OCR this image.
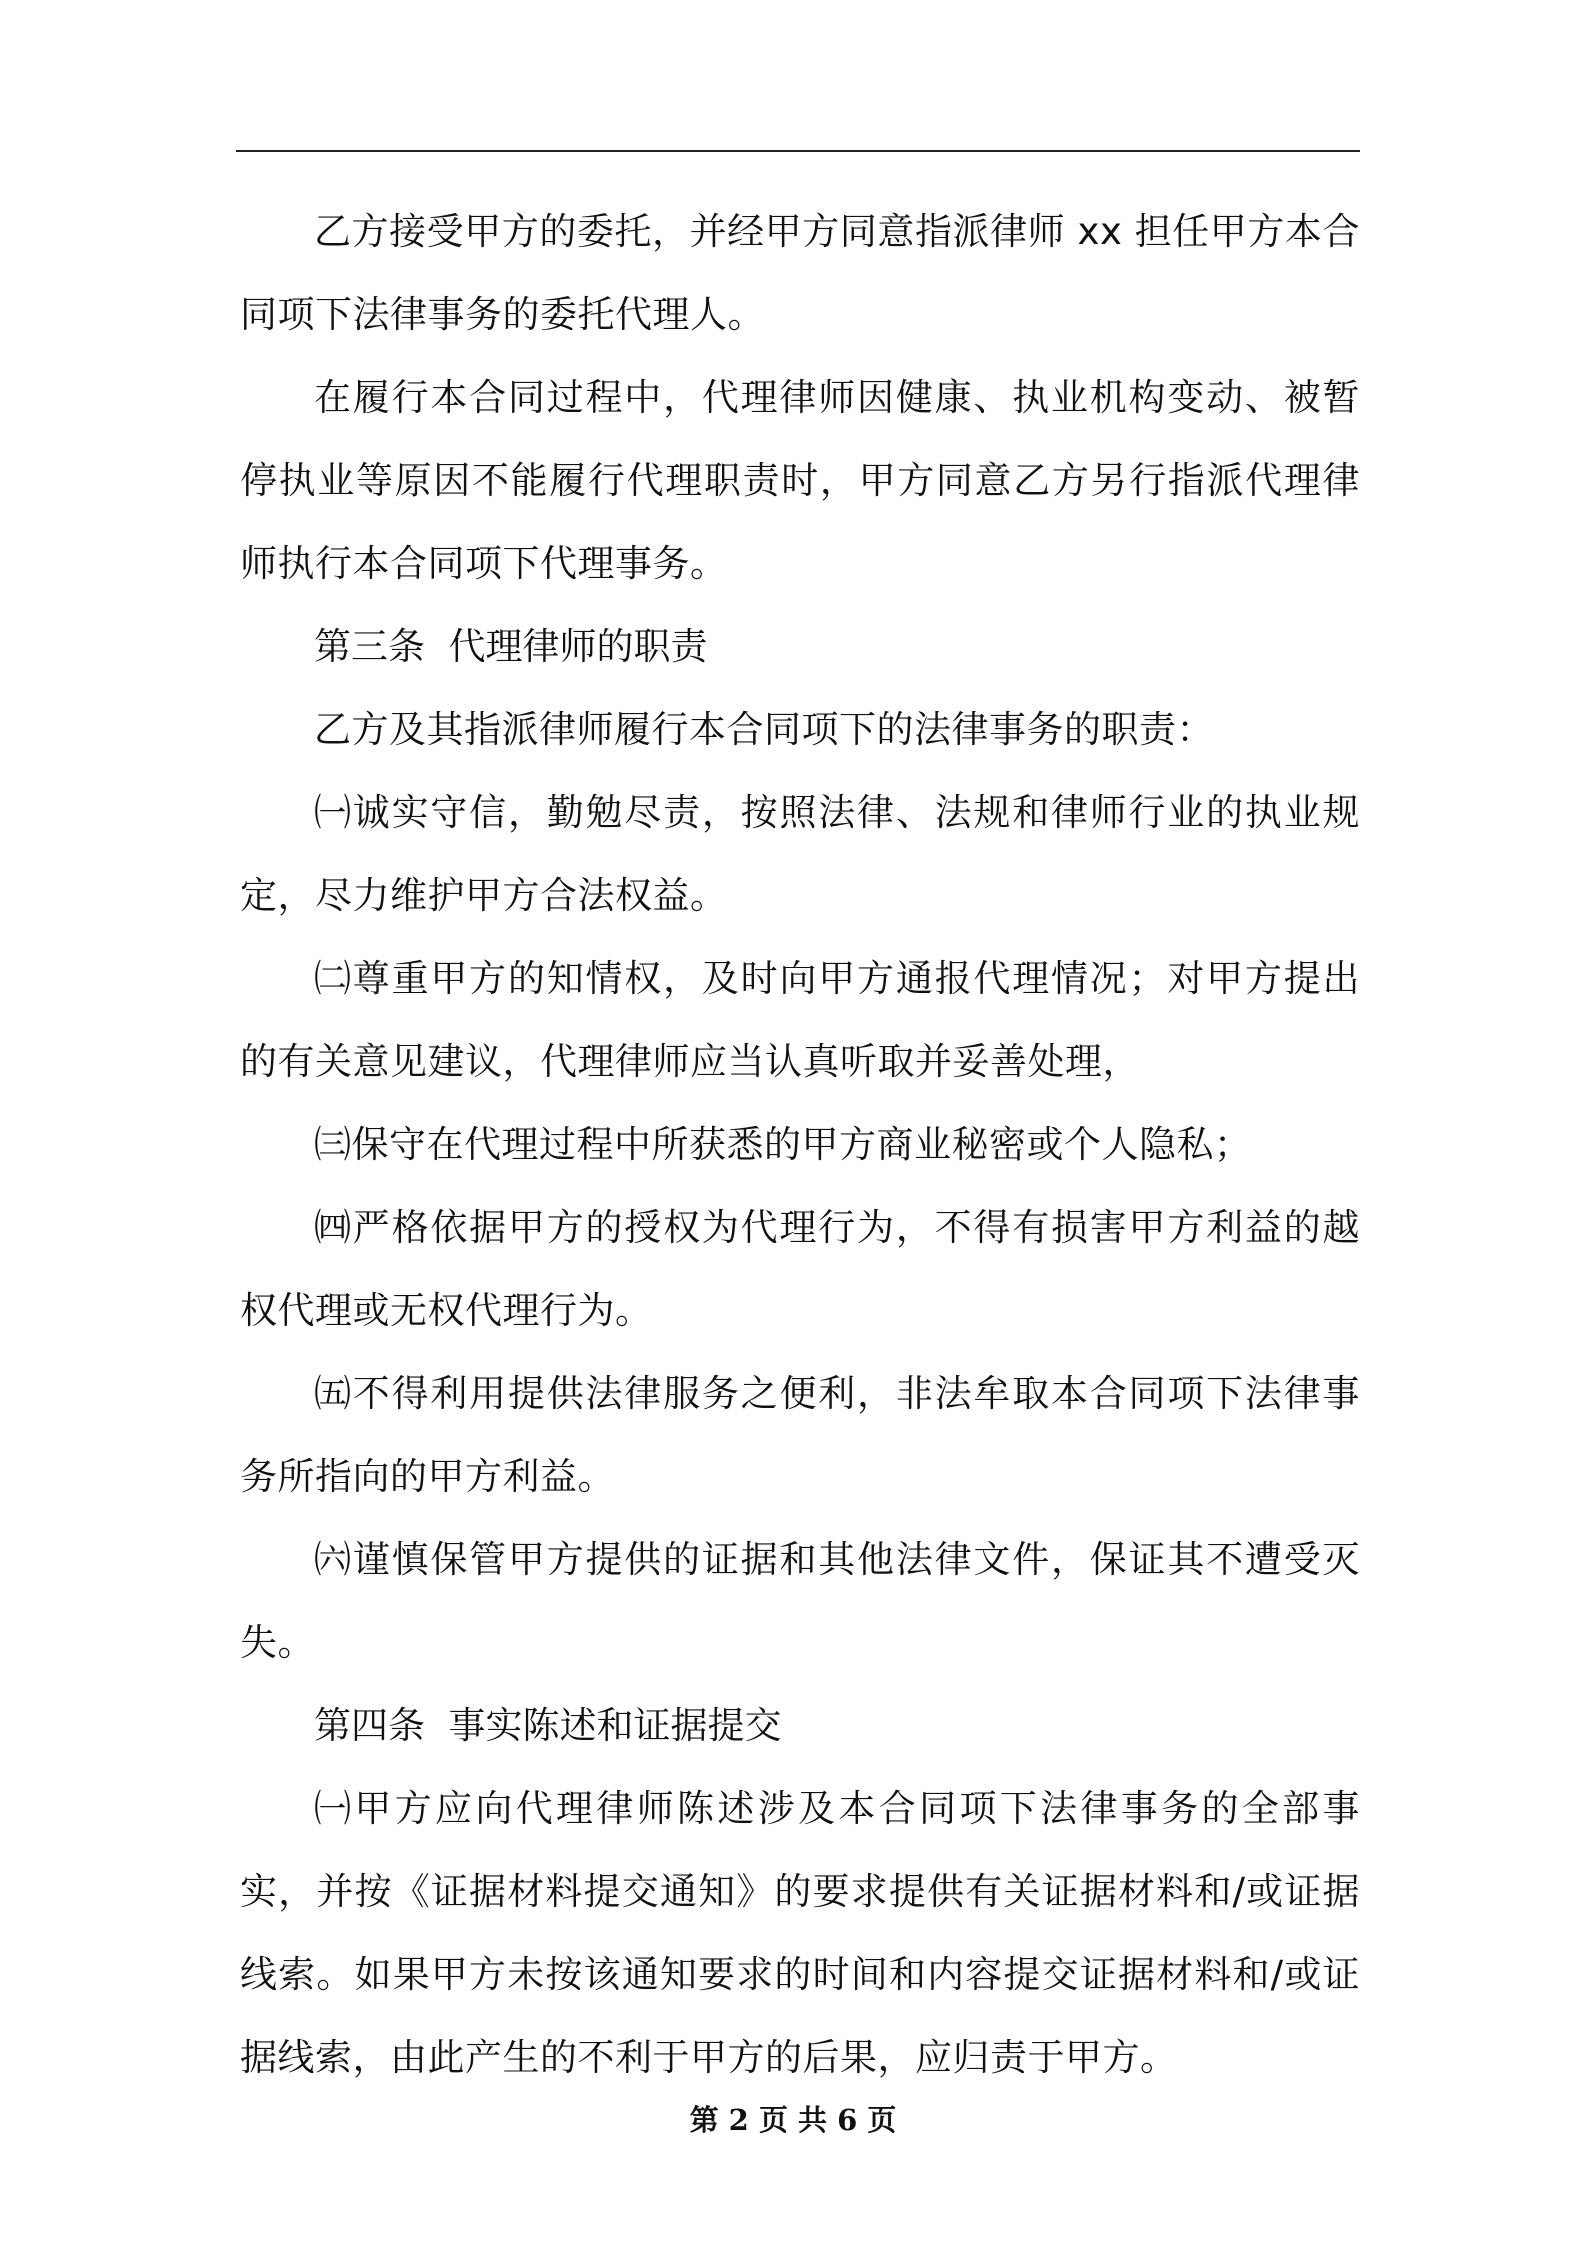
乙方接受甲方的委托，并经甲方同意指派律师 xx 担任甲方本合同项下法律事务的委托代理人。

在履行本合同过程中，代理律师因健康、执业机构变动、被暂停执业等原因不能履行代理职责时，甲方同意乙方另行指派代理律师执行本合同项下代理事务。

第三条  代理律师的职责

乙方及其指派律师履行本合同项下的法律事务的职责：

㈠诚实守信，勤勉尽责，按照法律、法规和律师行业的执业规定，尽力维护甲方合法权益。

㈡尊重甲方的知情权，及时向甲方通报代理情况；对甲方提出的有关意见建议，代理律师应当认真听取并妥善处理，

㈢保守在代理过程中所获悉的甲方商业秘密或个人隐私；

㈣严格依据甲方的授权为代理行为，不得有损害甲方利益的越权代理或无权代理行为。

㈤不得利用提供法律服务之便利，非法牟取本合同项下法律事务所指向的甲方利益。

㈥谨慎保管甲方提供的证据和其他法律文件，保证其不遭受灭失。

第四条  事实陈述和证据提交

㈠甲方应向代理律师陈述涉及本合同项下法律事务的全部事实，并按《证据材料提交通知》的要求提供有关证据材料和/或证据线索。如果甲方未按该通知要求的时间和内容提交证据材料和/或证据线索，由此产生的不利于甲方的后果，应归责于甲方。

第 2 页 共 6 页
